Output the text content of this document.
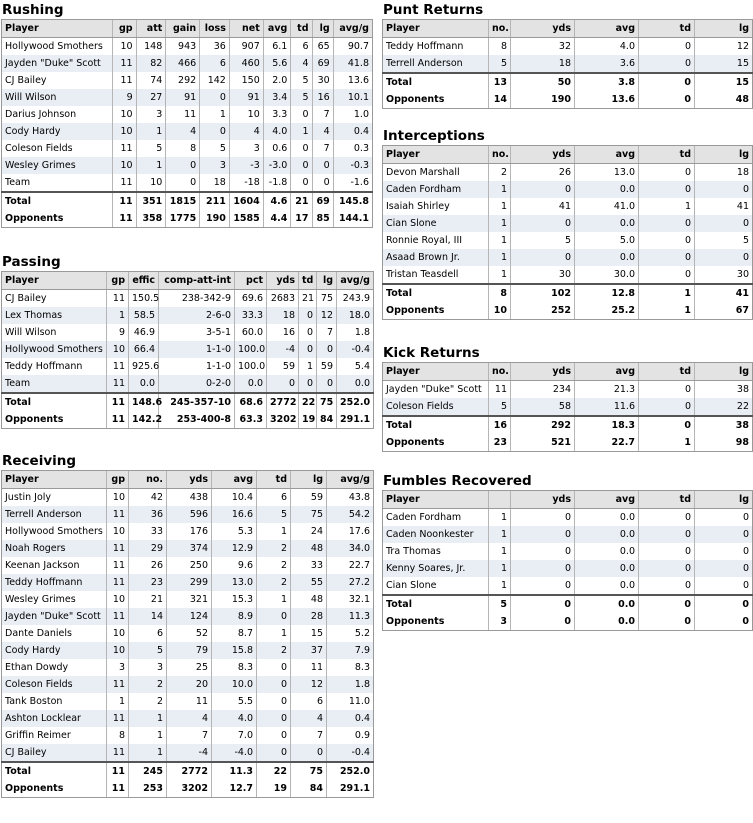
Rushing
Player	gp	att	gain	loss	net	avg	td	lg	avg/g
Hollywood Smothers	10	148	943	36	907	6.1	6	65	90.7
Jayden "Duke" Scott	11	82	466	6	460	5.6	4	69	41.8
CJ Bailey	11	74	292	142	150	2.0	5	30	13.6
Will Wilson	9	27	91	0	91	3.4	5	16	10.1
Darius Johnson	10	3	11	1	10	3.3	0	7	1.0
Cody Hardy	10	1	4	0	4	4.0	1	4	0.4
Coleson Fields	11	5	8	5	3	0.6	0	7	0.3
Wesley Grimes	10	1	0	3	-3	-3.0	0	0	-0.3
Team	11	10	0	18	-18	-1.8	0	0	-1.6
Total	11	351	1815	211	1604	4.6	21	69	145.8
Opponents	11	358	1775	190	1585	4.4	17	85	144.1
Passing
Player	gp	effic	comp-att-int	pct	yds	td	lg	avg/g
CJ Bailey	11	150.5	238-342-9	69.6	2683	21	75	243.9
Lex Thomas	1	58.5	2-6-0	33.3	18	0	12	18.0
Will Wilson	9	46.9	3-5-1	60.0	16	0	7	1.8
Hollywood Smothers	10	66.4	1-1-0	100.0	-4	0	0	-0.4
Teddy Hoffmann	11	925.6	1-1-0	100.0	59	1	59	5.4
Team	11	0.0	0-2-0	0.0	0	0	0	0.0
Total	11	148.6	245-357-10	68.6	2772	22	75	252.0
Opponents	11	142.2	253-400-8	63.3	3202	19	84	291.1
Receiving
Player	gp	no.	yds	avg	td	lg	avg/g
Justin Joly	10	42	438	10.4	6	59	43.8
Terrell Anderson	11	36	596	16.6	5	75	54.2
Hollywood Smothers	10	33	176	5.3	1	24	17.6
Noah Rogers	11	29	374	12.9	2	48	34.0
Keenan Jackson	11	26	250	9.6	2	33	22.7
Teddy Hoffmann	11	23	299	13.0	2	55	27.2
Wesley Grimes	10	21	321	15.3	1	48	32.1
Jayden "Duke" Scott	11	14	124	8.9	0	28	11.3
Dante Daniels	10	6	52	8.7	1	15	5.2
Cody Hardy	10	5	79	15.8	2	37	7.9
Ethan Dowdy	3	3	25	8.3	0	11	8.3
Coleson Fields	11	2	20	10.0	0	12	1.8
Tank Boston	1	2	11	5.5	0	6	11.0
Ashton Locklear	11	1	4	4.0	0	4	0.4
Griffin Reimer	8	1	7	7.0	0	7	0.9
CJ Bailey	11	1	-4	-4.0	0	0	-0.4
Total	11	245	2772	11.3	22	75	252.0
Opponents	11	253	3202	12.7	19	84	291.1
Punt Returns
Player	no.	yds	avg	td	lg
Teddy Hoffmann	8	32	4.0	0	12
Terrell Anderson	5	18	3.6	0	15
Total	13	50	3.8	0	15
Opponents	14	190	13.6	0	48
Interceptions
Player	no.	yds	avg	td	lg
Devon Marshall	2	26	13.0	0	18
Caden Fordham	1	0	0.0	0	0
Isaiah Shirley	1	41	41.0	1	41
Cian Slone	1	0	0.0	0	0
Ronnie Royal, III	1	5	5.0	0	5
Asaad Brown Jr.	1	0	0.0	0	0
Tristan Teasdell	1	30	30.0	0	30
Total	8	102	12.8	1	41
Opponents	10	252	25.2	1	67
Kick Returns
Player	no.	yds	avg	td	lg
Jayden "Duke" Scott	11	234	21.3	0	38
Coleson Fields	5	58	11.6	0	22
Total	16	292	18.3	0	38
Opponents	23	521	22.7	1	98
Fumbles Recovered
Player		yds	avg	td	lg
Caden Fordham	1	0	0.0	0	0
Caden Noonkester	1	0	0.0	0	0
Tra Thomas	1	0	0.0	0	0
Kenny Soares, Jr.	1	0	0.0	0	0
Cian Slone	1	0	0.0	0	0
Total	5	0	0.0	0	0
Opponents	3	0	0.0	0	0
